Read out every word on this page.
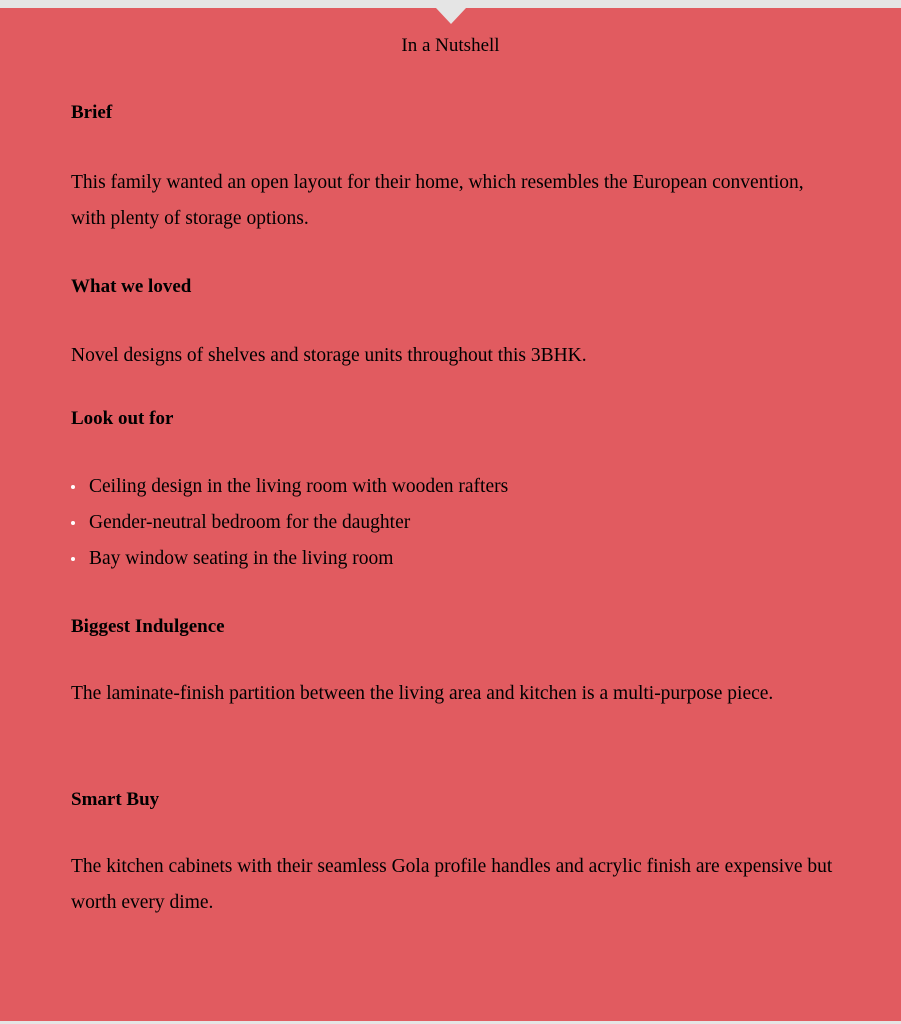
In a Nutshell
Brief
This family wanted an open layout for their home, which resembles the European convention, with plenty of storage options.
What we loved
Novel designs of shelves and storage units throughout this 3BHK.
Look out for
Ceiling design in the living room with wooden rafters
Gender-neutral bedroom for the daughter
Bay window seating in the living room
Biggest Indulgence
The laminate-finish partition between the living area and kitchen is a multi-purpose piece.
Smart Buy
The kitchen cabinets with their seamless Gola profile handles and acrylic finish are expensive but worth every dime.
